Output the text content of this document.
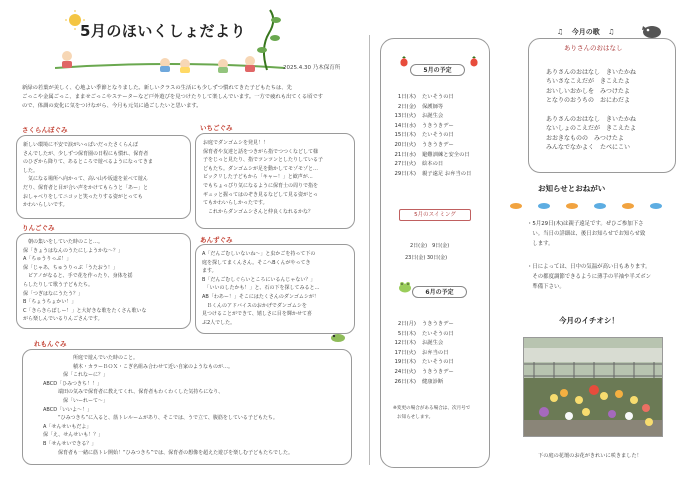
5月のほいくしょだより
2025.4.30 乃木保育所
新緑の若葉が美しく、心地よい季節となりました。新しいクラスの生活にも少しずつ慣れてきた子どもたちは、先
ごっこや金属ごっこ、まませごっこやステーターなど戸外遊びを見つけたりして楽しんでいます。一方で疲れも出てくる頃です
ので、体調の変化に気をつけながら、今月も元気に過ごしたいと思います。
さくらんぼぐみ
新しい環境に不安で涙がいっぱいだったさくらんぼ
さんでしたが、少しずつ保育園の日程にも慣れ、保育者
のひざから降りて、あるところで遊べるようになってきま
した。
　気になる場所へ向かって、高い山や坂道を並べて遊ん
だり、保育者と目が合い声をかけてもらうと「あー」と
おしゃべりをしてニコッと笑ったりする姿がとっても
かわいらしいです。
りんごぐみ
　朝の集いをしていた時のこと…。
保「きょうはなんのうたにしようかな～？」
A「ちゅうりっぷ！」
保「じゃあ、ちゅうりっぷ「うたおう！」
　ピアノがなると、手で花を作ったり、身体を揺
らしたりして歌う子どもたち。
保「つぎはなにうたう？」
B「ちょうちょかい！」
C「きらきらぼしー！」と大好きな歌をたくさん歌いな
がら楽しんでいるりんごさんです。
いちごぐみ
お庭でダンゴムシを発見！！
保育者や友達と話をつきがら指でつつくなどして様
子をじっと見たり、指でツンツンとしたりしている子
どもたち。ダンゴムシが足を動かしてモゾモゾと…
ビックリした子どもから「キャー！」と歓声が…
でもちょっぴり気になるように保育士の周りで指を
ギュッと握ってはのぞき見るなどして見る姿がとっ
てもかわいらしかったです。
　これからダンゴムシさんと仲良くなれるかな？
あんずぐみ
A「だんごむしいないね～」と虫かごを持って下の
庭を探してまくんさん。そこへBくんがやってき
ます。
B「だんごむしぐらいところにいるんじゃない？」
　「いいのしたかも！」と、石の下を探してみると…
AB「わあー！」そこにはたくさんのダンゴムシが！
　Ｂくんのアドバイスのおかげでダンゴムシを
見つけることができて、嬉しさに目を輝かせて喜
ぶ2人でした。
れもんぐみ
所庭で遊んでいた時のこと。
積木・カラーＢＯＸ・こぎ名組み合わせて近い自家のようなものが…。
保「これなーに？」
ABCD「ひみつきち！！」
　端田の気みで保育者に教えてくれ、保育者もわくわくした気持ちになり、
保「いーれーて～」
ABCD「いいよ～！」
　“ひみつきち”に入ると、筋トレルームがあり、そこでは、うで立て、腹筋をしている子どもたち。
A「せんせいもだよ」
保「え、せんせいも！？」
B「せんせいできる？」
　保育者も一緒に筋トレ開始！“ひみつきち”では、保育者の想像を超えた遊びを楽しむ子どもたちでした。
5月の予定
1日(木)	たいそうの日
2日(金)	保護師等
13日(火)	お誕生会
14日(水)	うきうきデー
15日(木)	たいそうの日
20日(火)	うきうきデー
21日(水)	避難訓練と安全の日
27日(火)	絵本の日
29日(木)	親子遠足 お弁当の日
5月のスイミング
2日(金)　9日(金)
23日(金) 30日(金)
6月の予定
2日(月)	うきうきデー
5日(木)	たいそうの日
12日(木)	お誕生会
17日(火)	お弁当の日
19日(木)	たいそうの日
24日(火)	うきうきデー
26日(木)	健康診断
※変更の場合がある場合は、次月号で
お知らせします。
♫ 今月の歌 ♫
ありさんのおはなし
ありさんのおはなし　きいたかね
ちいさなこえだが　きこえたよ
おいしいおかしを　みつけたよ
となりのおうちの　おにわだよ
ありさんのおはなし　きいたかね
ないしょのこえだが　きこえたよ
おおきなものの　みつけたよ
みんなでなかよく　たべにこい
お知らせとおねがい
・5月29日(木)は親子遠足です。ぜひご参加下さ
　い。当日の詳細は、後日お知らせでお知らせ致
　します。
・日によっては、日中の気温が高い日もあります。
　その都度調節できるように薄手の半袖や半ズボン
　準備下さい。
今月のイチオシ！
下の庭の花壇のお花がきれいに咲きました！
